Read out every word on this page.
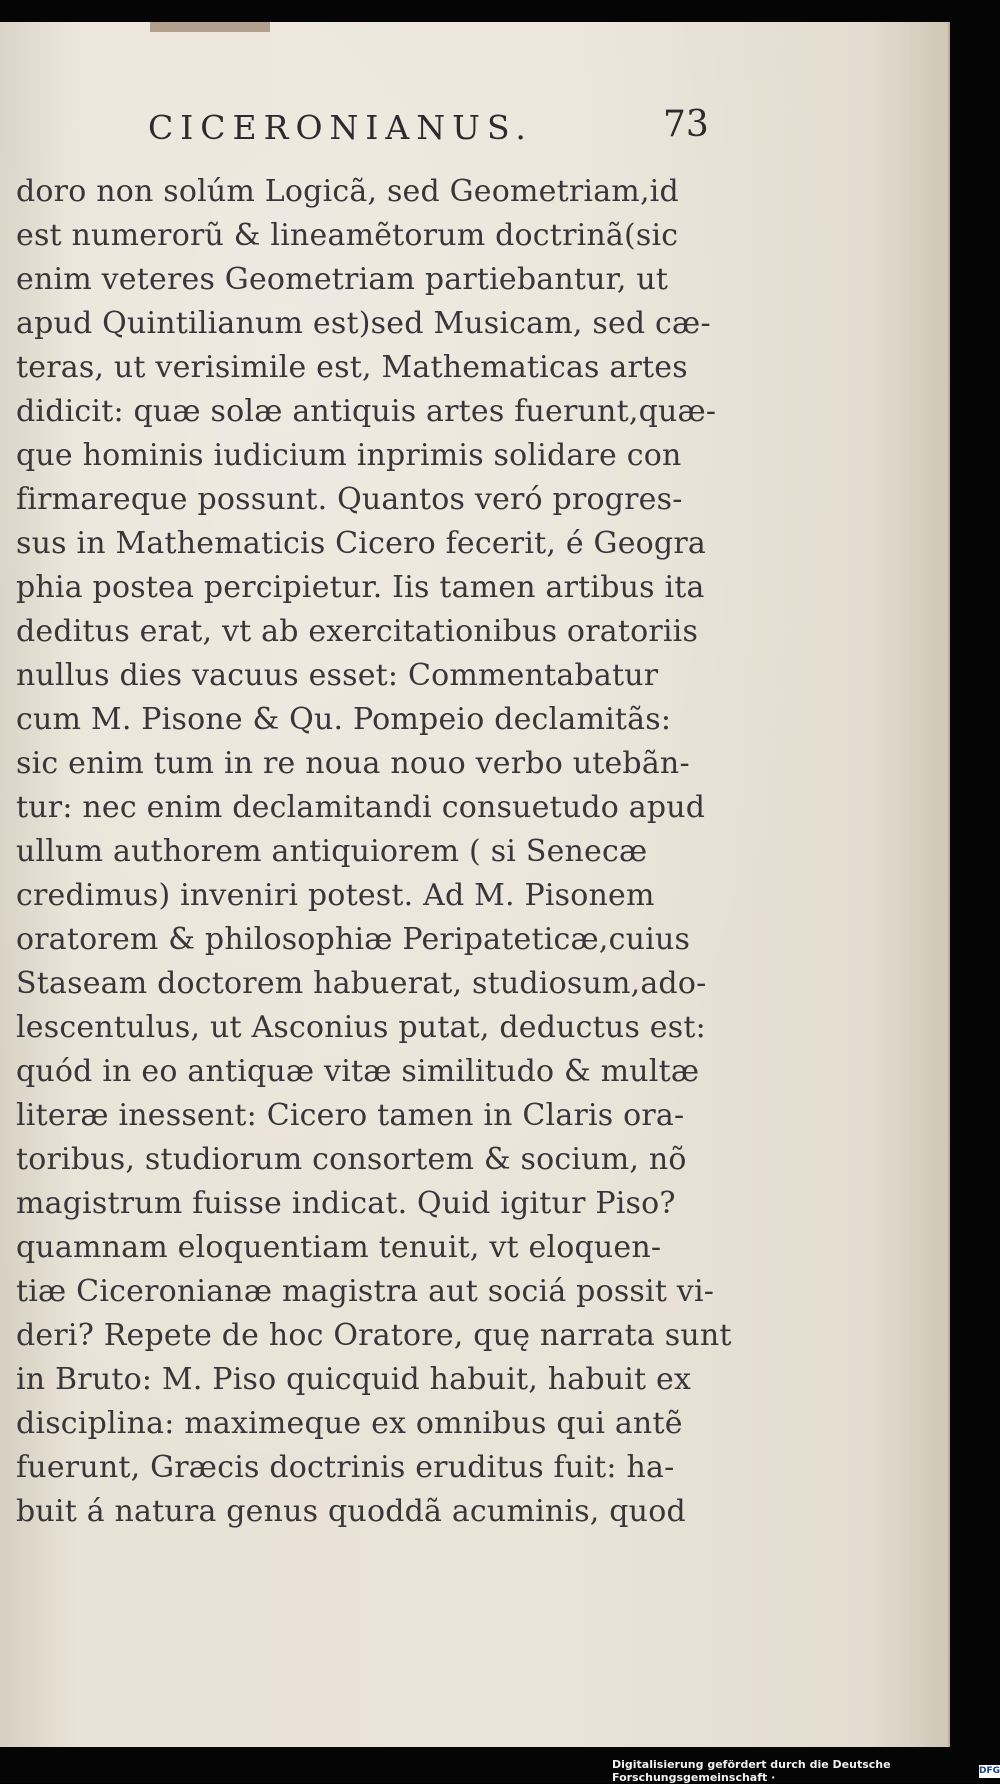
CICERONIANUS.	73
doro non solúm Logicã, sed Geometriam,id
est numerorũ & lineamẽtorum doctrinã(sic
enim veteres Geometriam partiebantur, ut
apud Quintilianum est)sed Musicam, sed cæ-
teras, ut verisimile est, Mathematicas artes
didicit: quæ solæ antiquis artes fuerunt,quæ-
que hominis iudicium inprimis solidare con
firmareque possunt. Quantos veró progres-
sus in Mathematicis Cicero fecerit, é Geogra
phia postea percipietur. Iis tamen artibus ita
deditus erat, vt ab exercitationibus oratoriis
nullus dies vacuus esset: Commentabatur
cum M. Pisone & Qu. Pompeio declamitãs:
sic enim tum in re noua nouo verbo utebãn-
tur: nec enim declamitandi consuetudo apud
ullum authorem antiquiorem ( si Senecæ
credimus) inveniri potest. Ad M. Pisonem
oratorem & philosophiæ Peripateticæ,cuius
Staseam doctorem habuerat, studiosum,ado-
lescentulus, ut Asconius putat, deductus est:
quód in eo antiquæ vitæ similitudo & multæ
literæ inessent: Cicero tamen in Claris ora-
toribus, studiorum consortem & socium, nõ
magistrum fuisse indicat. Quid igitur Piso?
quamnam eloquentiam tenuit, vt eloquen-
tiæ Ciceronianæ magistra aut sociá possit vi-
deri? Repete de hoc Oratore, quę narrata sunt
in Bruto: M. Piso quicquid habuit, habuit ex
disciplina: maximeque ex omnibus qui antẽ
fuerunt, Græcis doctrinis eruditus fuit: ha-
buit á natura genus quoddã acuminis, quod
Digitalisierung gefördert durch die Deutsche Forschungsgemeinschaft ·
DFG
